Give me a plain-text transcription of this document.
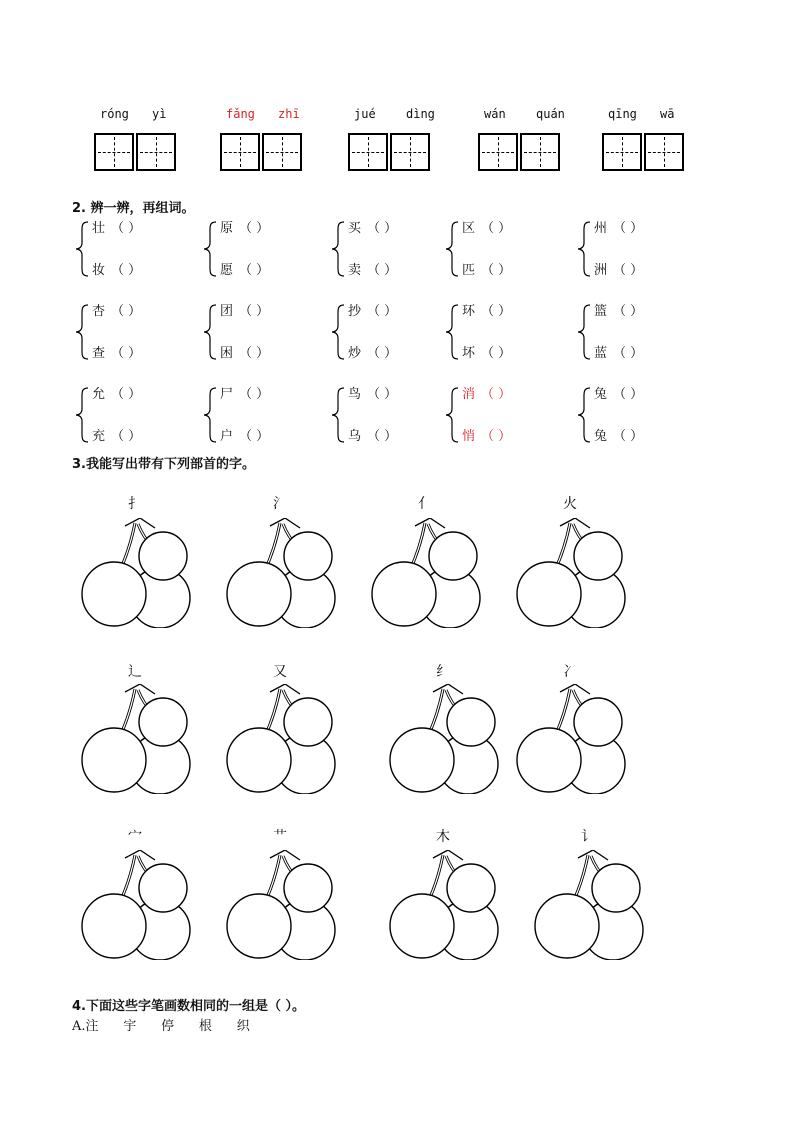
róng yì	fǎng zhī	jué	dìng	wán	quán	qīng wā
2. 辨一辨，再组词。
壮 （ ）
妆 （ ）
原 （ ）
愿 （ ）
买 （ ）
卖 （ ）
区 （ ）
匹 （ ）
州 （ ）
洲 （ ）
杏 （ ）
查 （ ）
团 （ ）
困 （ ）
抄 （ ）
炒 （ ）
环 （ ）
坏 （ ）
篮 （ ）
蓝 （ ）
允 （ ）
充 （ ）
尸 （ ）
户 （ ）
鸟 （ ）
乌 （ ）
消 （ ）
悄 （ ）
兔 （ ）
兔 （ ）
3.我能写出带有下列部首的字。
扌	氵	亻	火
辶	又	纟	冫
宀	艹	木	讠
4.下面这些字笔画数相同的一组是（ ）。
A.注      宇      停      根      织
